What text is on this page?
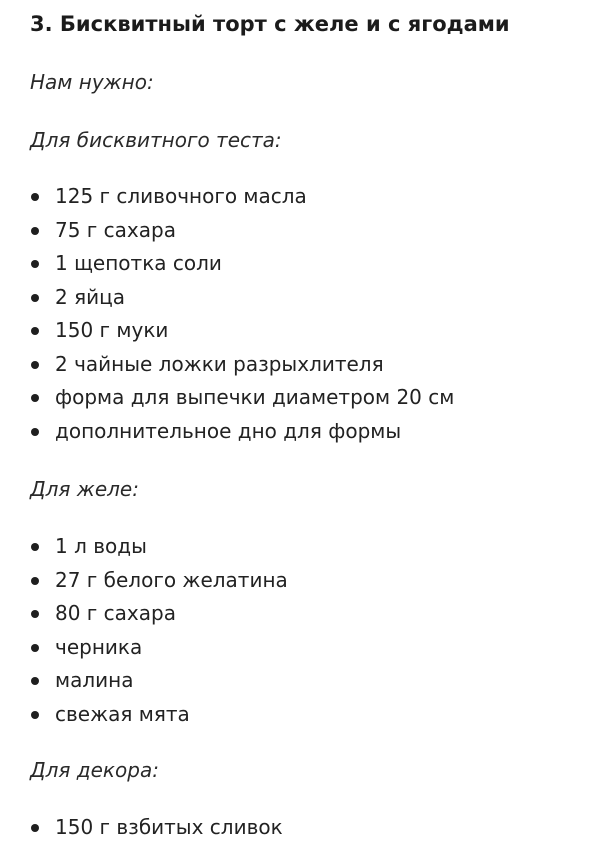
3. Бисквитный торт с желе и с ягодами
Нам нужно:
Для бисквитного теста:
125 г сливочного масла
75 г сахара
1 щепотка соли
2 яйца
150 г муки
2 чайные ложки разрыхлителя
форма для выпечки диаметром 20 см
дополнительное дно для формы
Для желе:
1 л воды
27 г белого желатина
80 г сахара
черника
малина
свежая мята
Для декора:
150 г взбитых сливок
